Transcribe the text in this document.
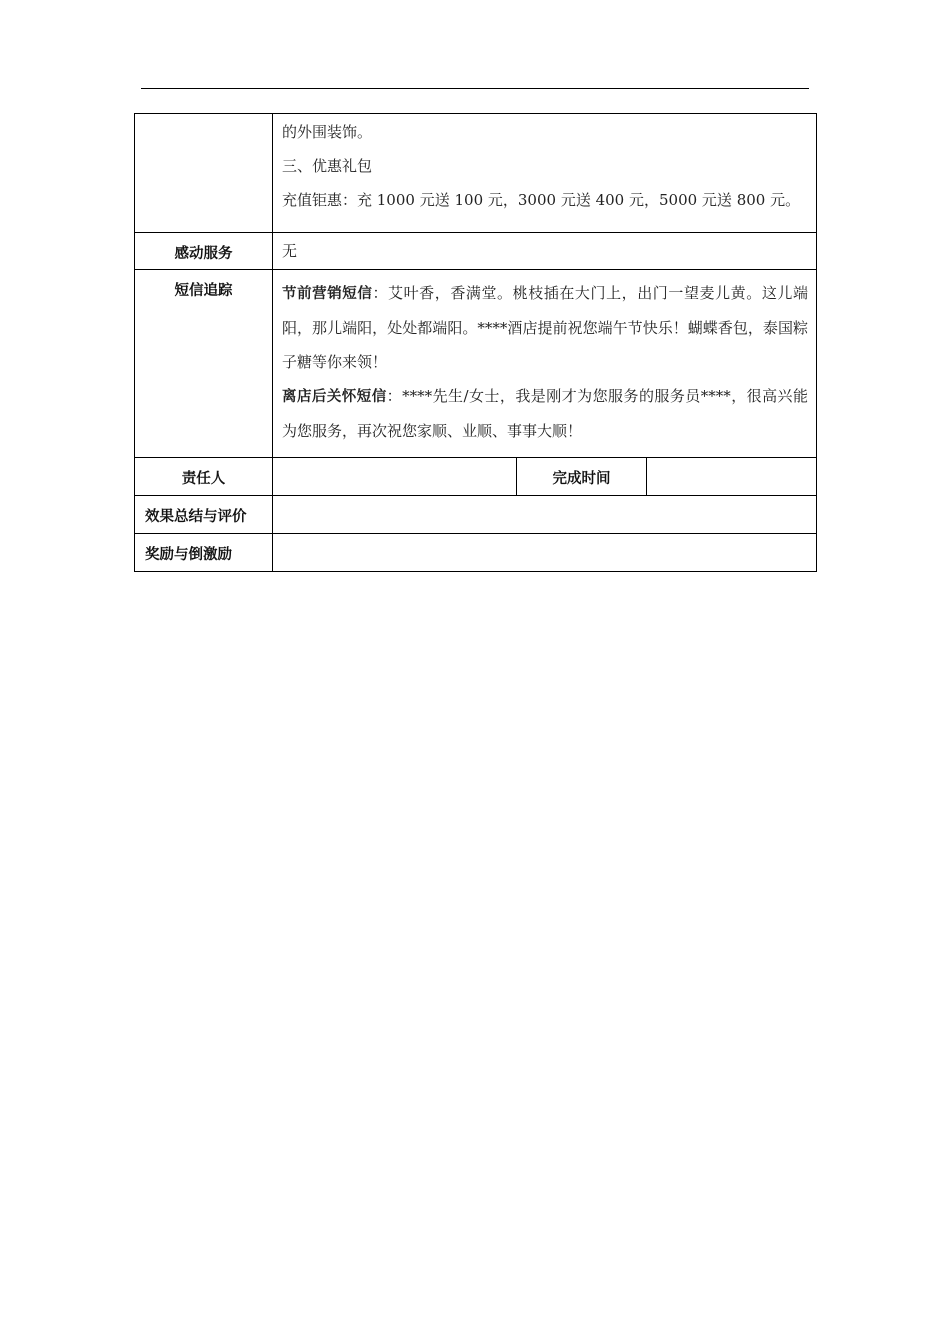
	的外围装饰。

三、优惠礼包

充值钜惠：充 1000 元送 100 元，3000 元送 400 元，5000 元送 800 元。		

感动服务	无		
短信追踪	节前营销短信：艾叶香，香满堂。桃枝插在大门上，出门一望麦儿黄。这儿端阳，那儿端阳，处处都端阳。****酒店提前祝您端午节快乐！蝴蝶香包，泰国粽子糖等你来领！

离店后关怀短信：****先生/女士，我是刚才为您服务的服务员****，很高兴能为您服务，再次祝您家顺、业顺、事事大顺！		

责任人		完成时间	
效果总结与评价			
奖励与倒激励			
